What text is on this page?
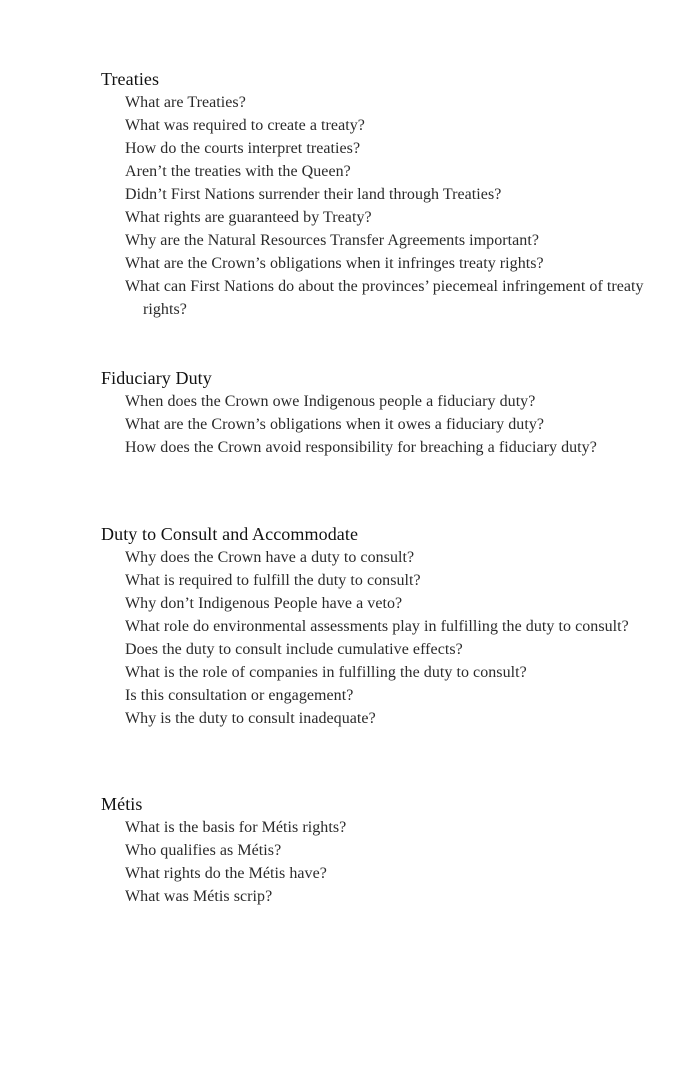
Treaties
What are Treaties?
What was required to create a treaty?
How do the courts interpret treaties?
Aren’t the treaties with the Queen?
Didn’t First Nations surrender their land through Treaties?
What rights are guaranteed by Treaty?
Why are the Natural Resources Transfer Agreements important?
What are the Crown’s obligations when it infringes treaty rights?
What can First Nations do about the provinces’ piecemeal infringement of treaty rights?
Fiduciary Duty
When does the Crown owe Indigenous people a fiduciary duty?
What are the Crown’s obligations when it owes a fiduciary duty?
How does the Crown avoid responsibility for breaching a fiduciary duty?
Duty to Consult and Accommodate
Why does the Crown have a duty to consult?
What is required to fulfill the duty to consult?
Why don’t Indigenous People have a veto?
What role do environmental assessments play in fulfilling the duty to consult?
Does the duty to consult include cumulative effects?
What is the role of companies in fulfilling the duty to consult?
Is this consultation or engagement?
Why is the duty to consult inadequate?
Métis
What is the basis for Métis rights?
Who qualifies as Métis?
What rights do the Métis have?
What was Métis scrip?
